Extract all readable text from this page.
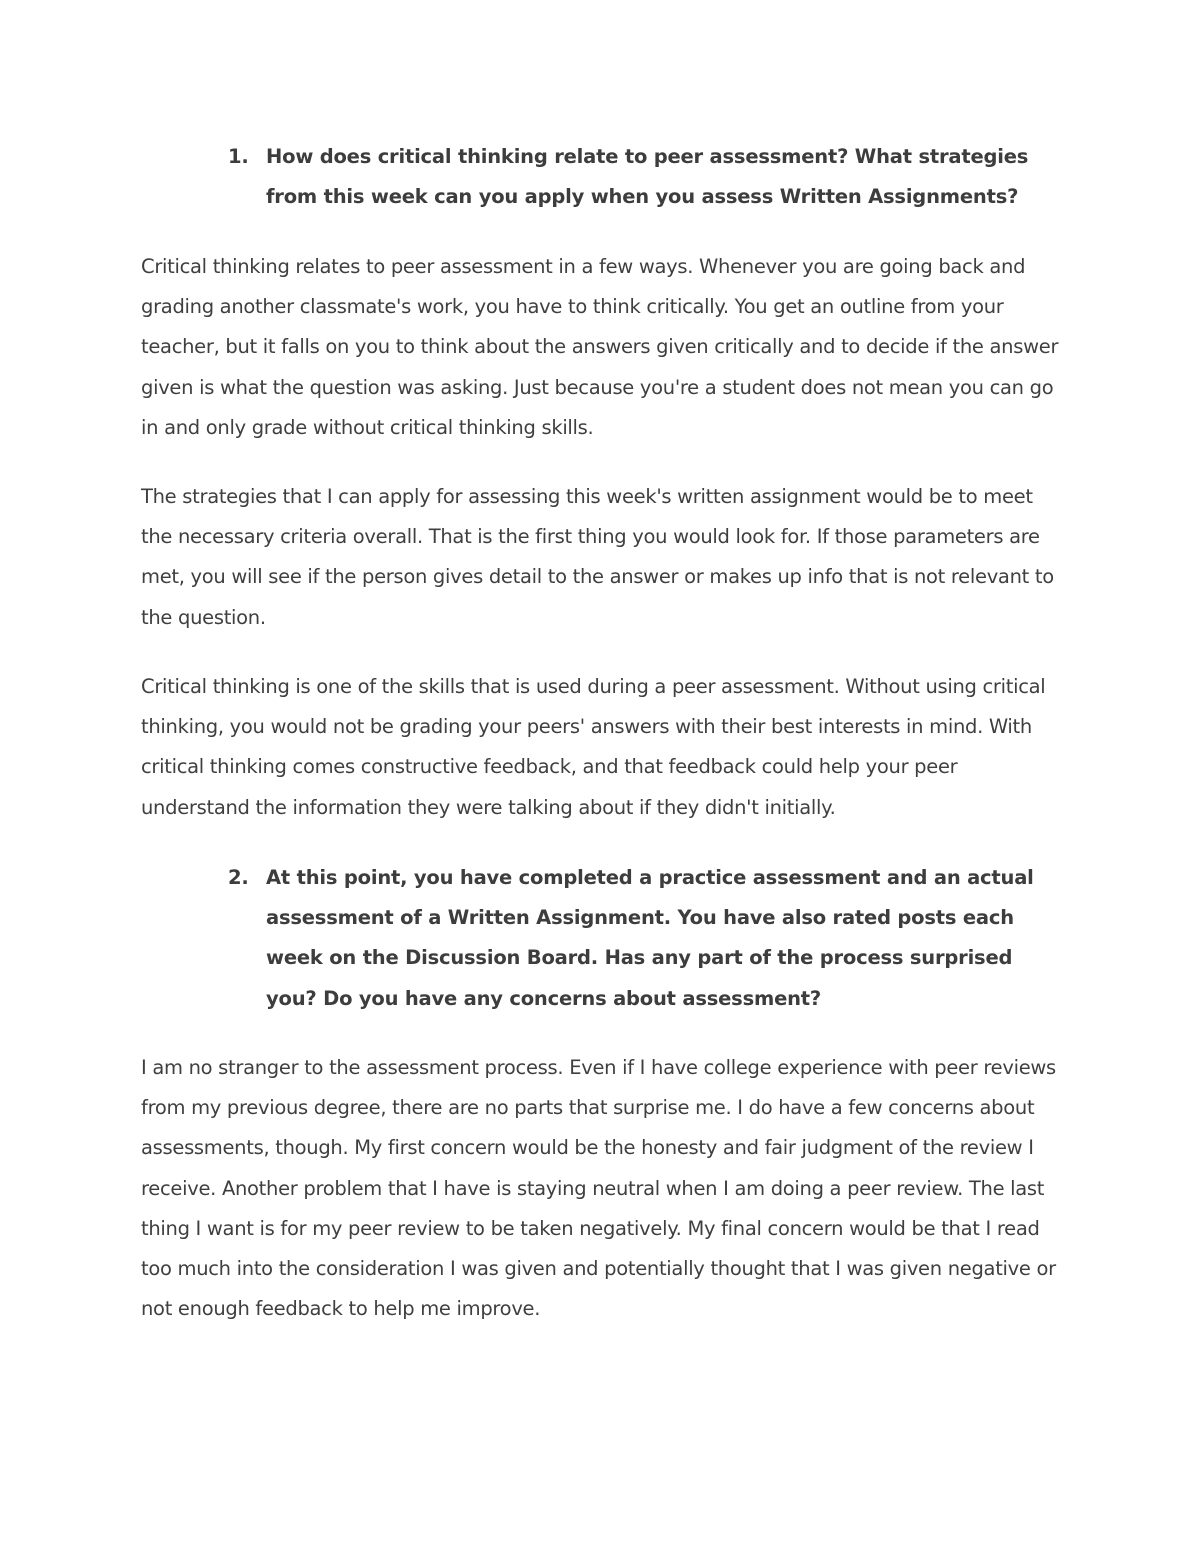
1. How does critical thinking relate to peer assessment? What strategies from this week can you apply when you assess Written Assignments?

Critical thinking relates to peer assessment in a few ways. Whenever you are going back and grading another classmate's work, you have to think critically. You get an outline from your teacher, but it falls on you to think about the answers given critically and to decide if the answer given is what the question was asking. Just because you're a student does not mean you can go in and only grade without critical thinking skills.

The strategies that I can apply for assessing this week's written assignment would be to meet the necessary criteria overall. That is the first thing you would look for. If those parameters are met, you will see if the person gives detail to the answer or makes up info that is not relevant to the question.

Critical thinking is one of the skills that is used during a peer assessment. Without using critical thinking, you would not be grading your peers' answers with their best interests in mind. With critical thinking comes constructive feedback, and that feedback could help your peer understand the information they were talking about if they didn't initially.

2. At this point, you have completed a practice assessment and an actual assessment of a Written Assignment. You have also rated posts each week on the Discussion Board. Has any part of the process surprised you? Do you have any concerns about assessment?

I am no stranger to the assessment process. Even if I have college experience with peer reviews from my previous degree, there are no parts that surprise me. I do have a few concerns about assessments, though. My first concern would be the honesty and fair judgment of the review I receive. Another problem that I have is staying neutral when I am doing a peer review. The last thing I want is for my peer review to be taken negatively. My final concern would be that I read too much into the consideration I was given and potentially thought that I was given negative or not enough feedback to help me improve.
